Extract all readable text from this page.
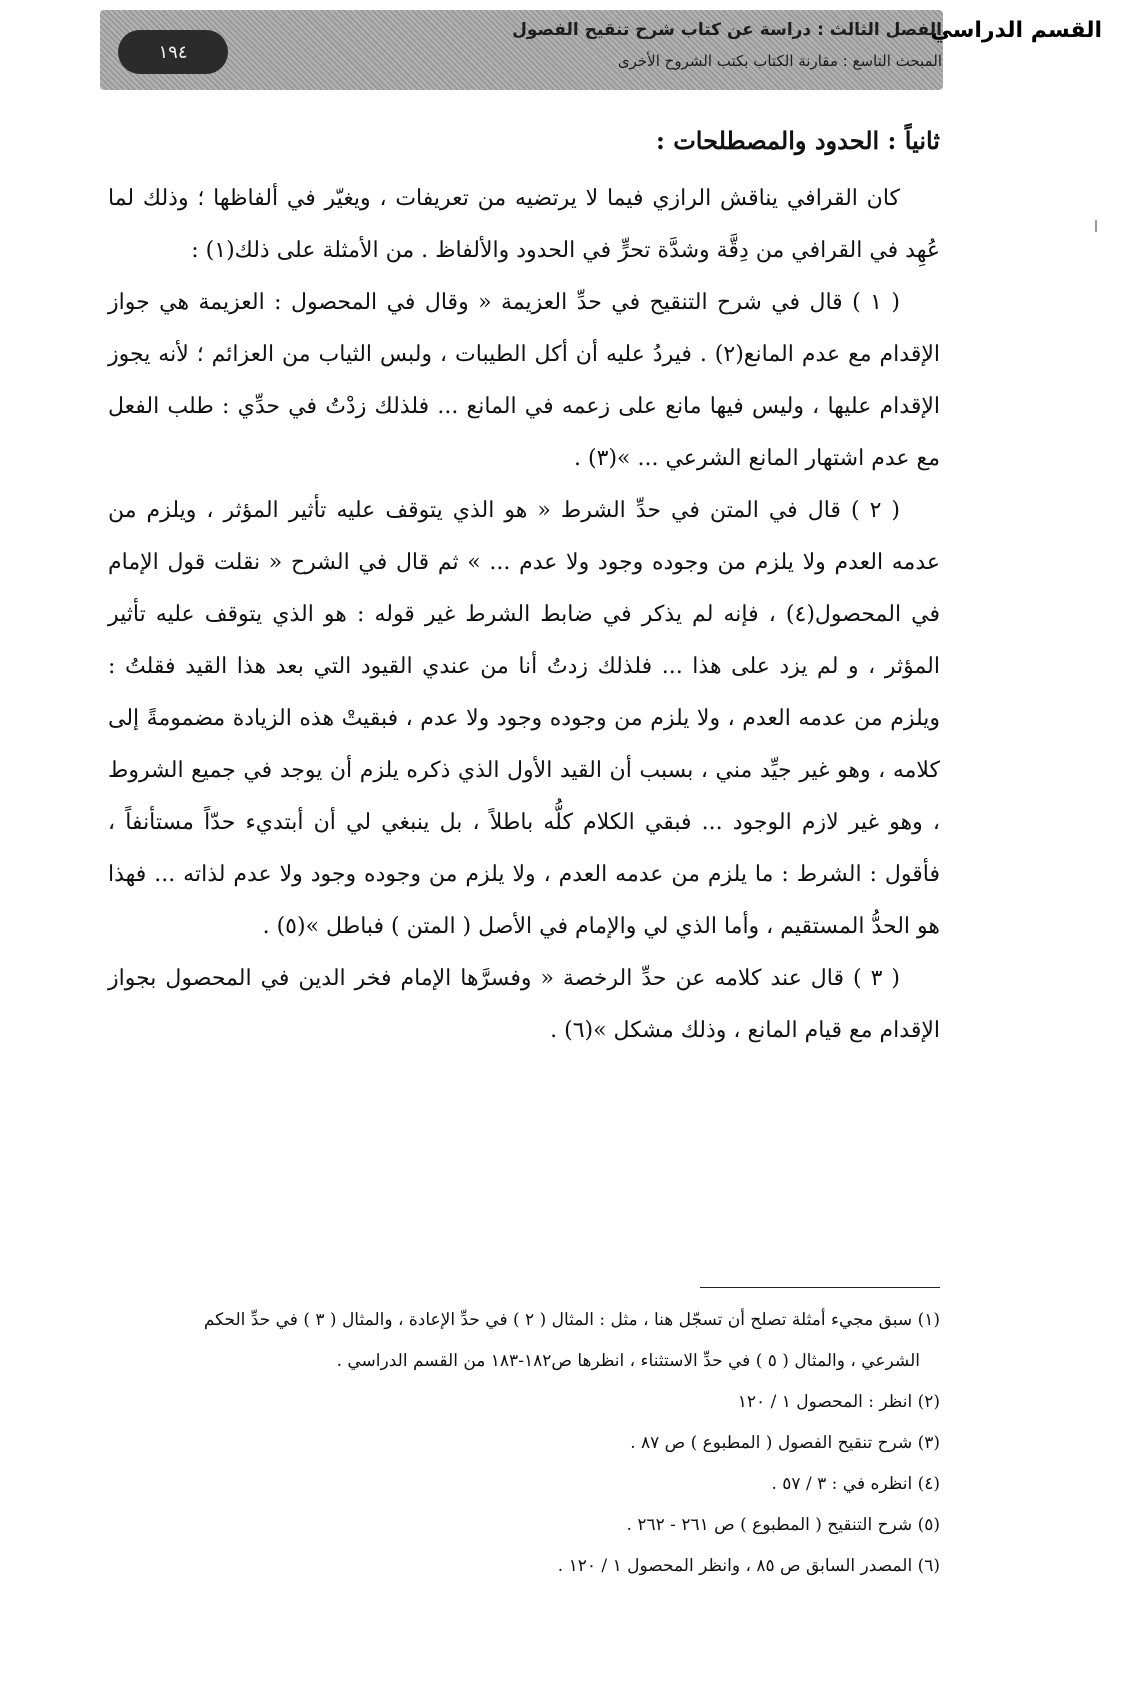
١٩٤
القسم الدراسي
الفصل الثالث : دراسة عن كتاب شرح تنقيح الفصول
المبحث التاسع : مقارنة الكتاب بكتب الشروح الأخرى

ثانياً : الحدود والمصطلحات :

كان القرافي يناقش الرازي فيما لا يرتضيه من تعريفات ، ويغيّر في ألفاظها ؛ وذلك لما عُهِد في القرافي من دِقَّة وشدَّة تحرٍّ في الحدود والألفاظ . من الأمثلة على ذلك(١) :

( ١ ) قال في شرح التنقيح في حدِّ العزيمة « وقال في المحصول : العزيمة هي جواز الإقدام مع عدم المانع(٢) . فيردُ عليه أن أكل الطيبات ، ولبس الثياب من العزائم ؛ لأنه يجوز الإقدام عليها ، وليس فيها مانع على زعمه في المانع ... فلذلك زدْتُ في حدِّي : طلب الفعل مع عدم اشتهار المانع الشرعي ... »(٣) .

( ٢ ) قال في المتن في حدِّ الشرط « هو الذي يتوقف عليه تأثير المؤثر ، ويلزم من عدمه العدم ولا يلزم من وجوده وجود ولا عدم ... » ثم قال في الشرح « نقلت قول الإمام في المحصول(٤) ، فإنه لم يذكر في ضابط الشرط غير قوله : هو الذي يتوقف عليه تأثير المؤثر ، و لم يزد على هذا ... فلذلك زدتُ أنا من عندي القيود التي بعد هذا القيد فقلتُ : ويلزم من عدمه العدم ، ولا يلزم من وجوده وجود ولا عدم ، فبقيتْ هذه الزيادة مضمومةً إلى كلامه ، وهو غير جيِّد مني ، بسبب أن القيد الأول الذي ذكره يلزم أن يوجد في جميع الشروط ، وهو غير لازم الوجود ... فبقي الكلام كلُّه باطلاً ، بل ينبغي لي أن أبتديء حدّاً مستأنفاً ، فأقول : الشرط : ما يلزم من عدمه العدم ، ولا يلزم من وجوده وجود ولا عدم لذاته ... فهذا هو الحدُّ المستقيم ، وأما الذي لي والإمام في الأصل ( المتن ) فباطل »(٥) .

( ٣ ) قال عند كلامه عن حدِّ الرخصة « وفسرَّها الإمام فخر الدين في المحصول بجواز الإقدام مع قيام المانع ، وذلك مشكل »(٦) .

(١) سبق مجيء أمثلة تصلح أن تسجّل هنا ، مثل : المثال ( ٢ ) في حدِّ الإعادة ، والمثال ( ٣ ) في حدِّ الحكم
الشرعي ، والمثال ( ٥ ) في حدِّ الاستثناء ، انظرها ص١٨٢-١٨٣ من القسم الدراسي .
(٢) انظر : المحصول ١ / ١٢٠
(٣) شرح تنقيح الفصول ( المطبوع ) ص ٨٧ .
(٤) انظره في : ٣ / ٥٧ .
(٥) شرح التنقيح ( المطبوع ) ص ٢٦١ - ٢٦٢ .
(٦) المصدر السابق ص ٨٥ ، وانظر المحصول ١ / ١٢٠ .
